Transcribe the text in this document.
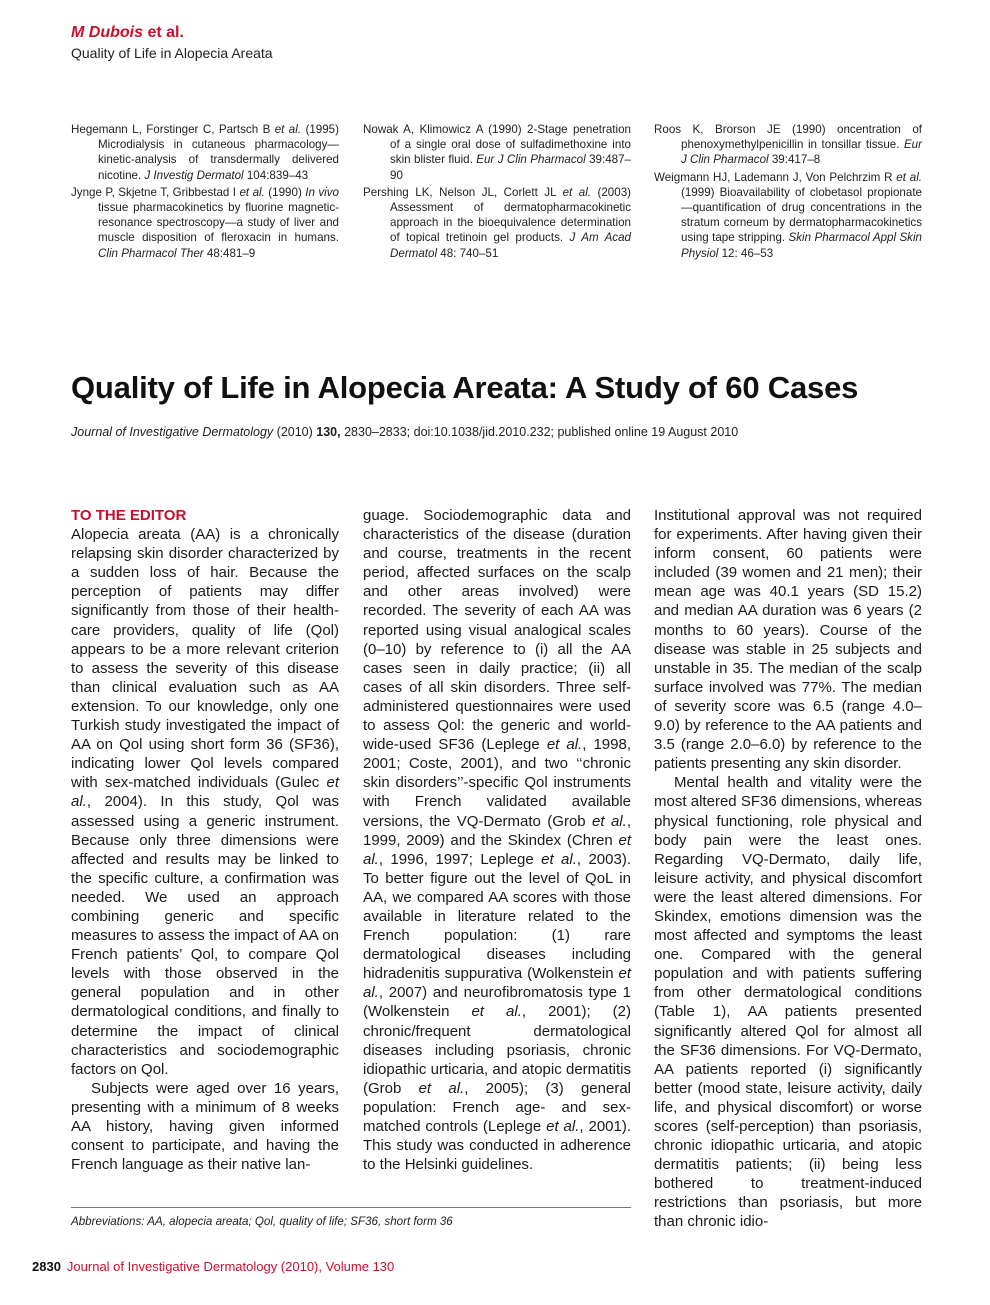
M Dubois et al.
Quality of Life in Alopecia Areata

Hegemann L, Forstinger C, Partsch B et al. (1995) Microdialysis in cutaneous pharmacology—kinetic-analysis of transdermally delivered nicotine. J Investig Dermatol 104:839–43

Jynge P, Skjetne T, Gribbestad I et al. (1990) In vivo tissue pharmacokinetics by fluorine magnetic-resonance spectroscopy—a study of liver and muscle disposition of fleroxacin in humans. Clin Pharmacol Ther 48:481–9

Nowak A, Klimowicz A (1990) 2-Stage penetration of a single oral dose of sulfadimethoxine into skin blister fluid. Eur J Clin Pharmacol 39:487–90

Pershing LK, Nelson JL, Corlett JL et al. (2003) Assessment of dermatopharmacokinetic approach in the bioequivalence determination of topical tretinoin gel products. J Am Acad Dermatol 48: 740–51

Roos K, Brorson JE (1990) oncentration of phenoxymethylpenicillin in tonsillar tissue. Eur J Clin Pharmacol 39:417–8

Weigmann HJ, Lademann J, Von Pelchrzim R et al. (1999) Bioavailability of clobetasol propionate—quantification of drug concentrations in the stratum corneum by dermatopharmacokinetics using tape stripping. Skin Pharmacol Appl Skin Physiol 12: 46–53

Quality of Life in Alopecia Areata: A Study of 60 Cases
Journal of Investigative Dermatology (2010) 130, 2830–2833; doi:10.1038/jid.2010.232; published online 19 August 2010
TO THE EDITOR

Alopecia areata (AA) is a chronically relapsing skin disorder characterized by a sudden loss of hair. Because the perception of patients may differ significantly from those of their health-care providers, quality of life (Qol) appears to be a more relevant criterion to assess the severity of this disease than clinical evaluation such as AA extension. To our knowledge, only one Turkish study investigated the impact of AA on Qol using short form 36 (SF36), indicating lower Qol levels compared with sex-matched individuals (Gulec et al., 2004). In this study, Qol was assessed using a generic instrument. Because only three dimensions were affected and results may be linked to the specific culture, a confirmation was needed. We used an approach combining generic and specific measures to assess the impact of AA on French patients’ Qol, to compare Qol levels with those observed in the general population and in other dermatological conditions, and finally to determine the impact of clinical characteristics and sociodemographic factors on Qol.

Subjects were aged over 16 years, presenting with a minimum of 8 weeks AA history, having given informed consent to participate, and having the French language as their native lan-

guage. Sociodemographic data and characteristics of the disease (duration and course, treatments in the recent period, affected surfaces on the scalp and other areas involved) were recorded. The severity of each AA was reported using visual analogical scales (0–10) by reference to (i) all the AA cases seen in daily practice; (ii) all cases of all skin disorders. Three self-administered questionnaires were used to assess Qol: the generic and world-wide-used SF36 (Leplege et al., 1998, 2001; Coste, 2001), and two ‘‘chronic skin disorders’’-specific Qol instruments with French validated available versions, the VQ-Dermato (Grob et al., 1999, 2009) and the Skindex (Chren et al., 1996, 1997; Leplege et al., 2003). To better figure out the level of QoL in AA, we compared AA scores with those available in literature related to the French population: (1) rare dermatological diseases including hidradenitis suppurativa (Wolkenstein et al., 2007) and neurofibromatosis type 1 (Wolkenstein et al., 2001); (2) chronic/frequent dermatological diseases including psoriasis, chronic idiopathic urticaria, and atopic dermatitis (Grob et al., 2005); (3) general population: French age- and sex-matched controls (Leplege et al., 2001). This study was conducted in adherence to the Helsinki guidelines.

Institutional approval was not required for experiments. After having given their inform consent, 60 patients were included (39 women and 21 men); their mean age was 40.1 years (SD 15.2) and median AA duration was 6 years (2 months to 60 years). Course of the disease was stable in 25 subjects and unstable in 35. The median of the scalp surface involved was 77%. The median of severity score was 6.5 (range 4.0–9.0) by reference to the AA patients and 3.5 (range 2.0–6.0) by reference to the patients presenting any skin disorder.

Mental health and vitality were the most altered SF36 dimensions, whereas physical functioning, role physical and body pain were the least ones. Regarding VQ-Dermato, daily life, leisure activity, and physical discomfort were the least altered dimensions. For Skindex, emotions dimension was the most affected and symptoms the least one. Compared with the general population and with patients suffering from other dermatological conditions (Table 1), AA patients presented significantly altered Qol for almost all the SF36 dimensions. For VQ-Dermato, AA patients reported (i) significantly better (mood state, leisure activity, daily life, and physical discomfort) or worse scores (self-perception) than psoriasis, chronic idiopathic urticaria, and atopic dermatitis patients; (ii) being less bothered to treatment-induced restrictions than psoriasis, but more than chronic idio-

Abbreviations: AA, alopecia areata; Qol, quality of life; SF36, short form 36
2830 Journal of Investigative Dermatology (2010), Volume 130
